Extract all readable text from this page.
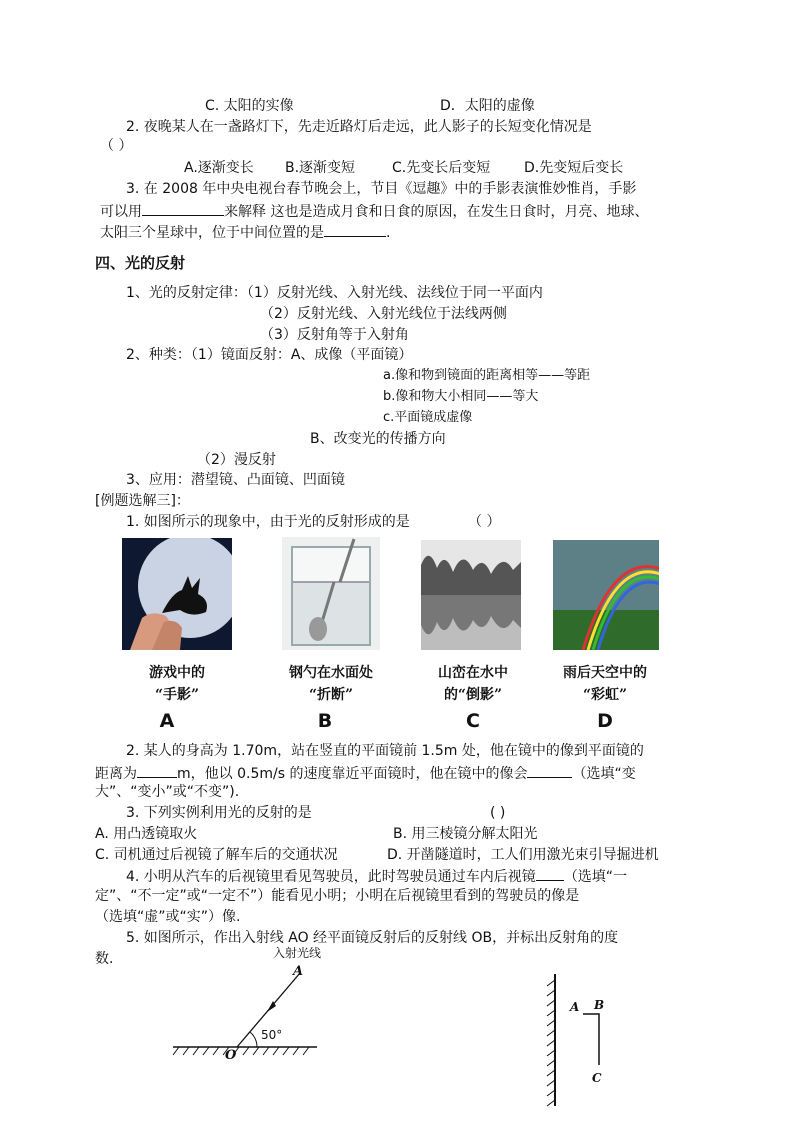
C. 太阳的实像	D．太阳的虚像
2. 夜晚某人在一盏路灯下，先走近路灯后走远，此人影子的长短变化情况是
（ ）
A.逐渐变长 B.逐渐变短	C.先变长后变短 D.先变短后变长
3. 在 2008 年中央电视台春节晚会上，节目《逗趣》中的手影表演惟妙惟肖，手影
可以用	来解释 这也是造成月食和日食的原因，在发生日食时，月亮、地球、
太阳三个星球中，位于中间位置的是	.
四、光的反射
1、光的反射定律：（1）反射光线、入射光线、法线位于同一平面内
（2）反射光线、入射光线位于法线两侧
（3）反射角等于入射角
2、种类：（1）镜面反射：A、成像（平面镜）
a.像和物到镜面的距离相等——等距
b.像和物大小相同——等大
c.平面镜成虚像
B、改变光的传播方向
（2）漫反射
3、应用：潜望镜、凸面镜、凹面镜
[例题选解三]：
1. 如图所示的现象中，由于光的反射形成的是	（ ）
游戏中的
“手影”
钢勺在水面处
“折断”
山峦在水中
的“倒影”
雨后天空中的
“彩虹”
A	B	C	D
2. 某人的身高为 1.70m，站在竖直的平面镜前 1.5m 处，他在镜中的像到平面镜的
距离为	m，他以 0.5m/s 的速度靠近平面镜时，他在镜中的像会	（选填“变
大”、“变小”或“不变”).
3. 下列实例利用光的反射的是	( )
A. 用凸透镜取火	B. 用三棱镜分解太阳光
C. 司机通过后视镜了解车后的交通状况	D. 开凿隧道时，工人们用激光束引导掘进机
4. 小明从汽车的后视镜里看见驾驶员，此时驾驶员通过车内后视镜 （选填“一
定”、“不一定”或“一定不”）能看见小明；小明在后视镜里看到的驾驶员的像是
（选填“虚”或“实”）像.
5. 如图所示，作出入射线 AO 经平面镜反射后的反射线 OB，并标出反射角的度
数.	入射光线
A
O
50°
A B
C
